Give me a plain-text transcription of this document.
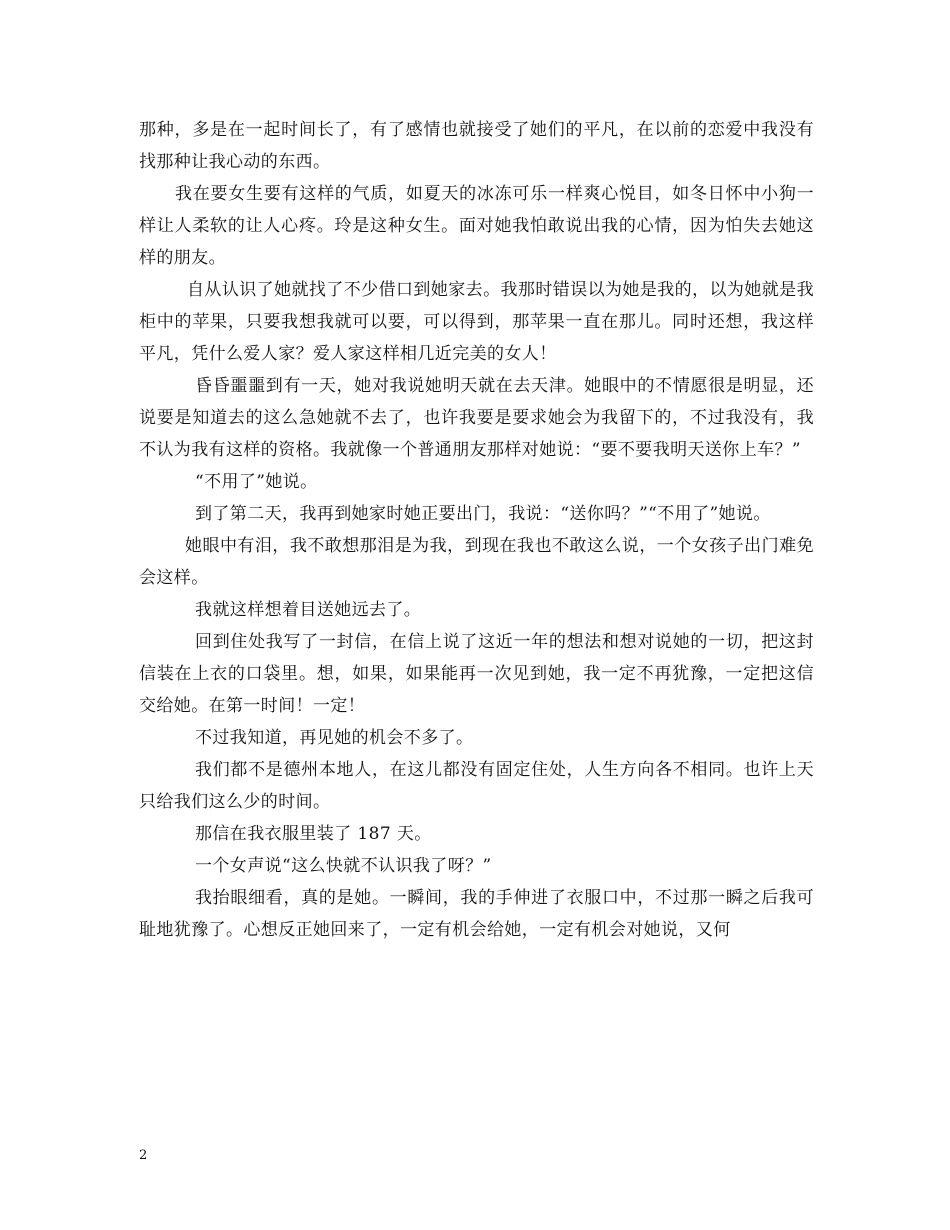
那种，多是在一起时间长了，有了感情也就接受了她们的平凡，在以前的恋爱中我没有找那种让我心动的东西。

我在要女生要有这样的气质，如夏天的冰冻可乐一样爽心悦目，如冬日怀中小狗一样让人柔软的让人心疼。玲是这种女生。面对她我怕敢说出我的心情，因为怕失去她这样的朋友。

自从认识了她就找了不少借口到她家去。我那时错误以为她是我的，以为她就是我柜中的苹果，只要我想我就可以要，可以得到，那苹果一直在那儿。同时还想，我这样平凡，凭什么爱人家？爱人家这样相几近完美的女人！

昏昏噩噩到有一天，她对我说她明天就在去天津。她眼中的不情愿很是明显，还说要是知道去的这么急她就不去了，也许我要是要求她会为我留下的，不过我没有，我不认为我有这样的资格。我就像一个普通朋友那样对她说：“要不要我明天送你上车？”

“不用了”她说。

到了第二天，我再到她家时她正要出门，我说：“送你吗？”“不用了”她说。

她眼中有泪，我不敢想那泪是为我，到现在我也不敢这么说，一个女孩子出门难免会这样。

我就这样想着目送她远去了。

回到住处我写了一封信，在信上说了这近一年的想法和想对说她的一切，把这封信装在上衣的口袋里。想，如果，如果能再一次见到她，我一定不再犹豫，一定把这信交给她。在第一时间！一定！

不过我知道，再见她的机会不多了。

我们都不是德州本地人，在这儿都没有固定住处，人生方向各不相同。也许上天只给我们这么少的时间。

那信在我衣服里装了 187 天。

一个女声说“这么快就不认识我了呀？”

我抬眼细看，真的是她。一瞬间，我的手伸进了衣服口中，不过那一瞬之后我可耻地犹豫了。心想反正她回来了，一定有机会给她，一定有机会对她说，又何

2
